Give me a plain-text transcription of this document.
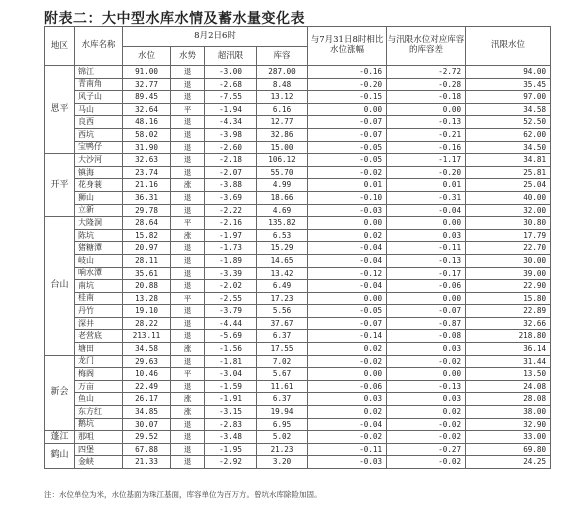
附表二：大中型水库水情及蓄水量变化表
地区	水库名称	8月2日6时				与7月31日8时相比水位涨幅	与汛限水位对应库容的库容差	汛限水位
		水位	水势	超汛限	库容			
恩平	锦江	91.00	退	-3.00	287.00	-0.16	-2.72	94.00
	青南角	32.77	退	-2.68	8.48	-0.20	-0.28	35.45
	风子山	89.45	退	-7.55	13.12	-0.15	-0.18	97.00
	马山	32.64	平	-1.94	6.16	0.00	0.00	34.58
	良西	48.16	退	-4.34	12.77	-0.07	-0.13	52.50
	西坑	58.02	退	-3.98	32.86	-0.07	-0.21	62.00
	宝鸭仔	31.90	退	-2.60	15.00	-0.05	-0.16	34.50
开平	大沙河	32.63	退	-2.18	106.12	-0.05	-1.17	34.81
	镇海	23.74	退	-2.07	55.70	-0.02	-0.20	25.81
	花身蓑	21.16	涨	-3.88	4.99	0.01	0.01	25.04
	狮山	36.31	退	-3.69	18.66	-0.10	-0.31	40.00
	立新	29.78	退	-2.22	4.69	-0.03	-0.04	32.00
台山	大隆洞	28.64	平	-2.16	135.82	0.00	0.00	30.80
	陈坑	15.82	涨	-1.97	6.53	0.02	0.03	17.79
	猪糖潭	20.97	退	-1.73	15.29	-0.04	-0.11	22.70
	岐山	28.11	退	-1.89	14.65	-0.04	-0.13	30.00
	响水潭	35.61	退	-3.39	13.42	-0.12	-0.17	39.00
	南坑	20.88	退	-2.02	6.49	-0.04	-0.06	22.90
	桂南	13.28	平	-2.55	17.23	0.00	0.00	15.80
	丹竹	19.10	退	-3.79	5.56	-0.05	-0.07	22.89
	深井	28.22	退	-4.44	37.67	-0.07	-0.87	32.66
	老营底	213.11	退	-5.69	6.37	-0.14	-0.08	218.80
	塘田	34.58	涨	-1.56	17.55	0.02	0.03	36.14
新会	龙门	29.63	退	-1.81	7.02	-0.02	-0.02	31.44
	梅阁	10.46	平	-3.04	5.67	0.00	0.00	13.50
	万亩	22.49	退	-1.59	11.61	-0.06	-0.13	24.08
	鱼山	26.17	涨	-1.91	6.37	0.03	0.03	28.08
	东方红	34.85	涨	-3.15	19.94	0.02	0.02	38.00
	鹅坑	30.07	退	-2.83	6.95	-0.04	-0.02	32.90
蓬江	那咀	29.52	退	-3.48	5.02	-0.02	-0.02	33.00
鹤山	四堡	67.88	退	-1.95	21.23	-0.11	-0.27	69.80
	金峡	21.33	退	-2.92	3.20	-0.03	-0.02	24.25
注：水位单位为米，水位基面为珠江基面，库容单位为百万方。曾坑水库除险加固。
